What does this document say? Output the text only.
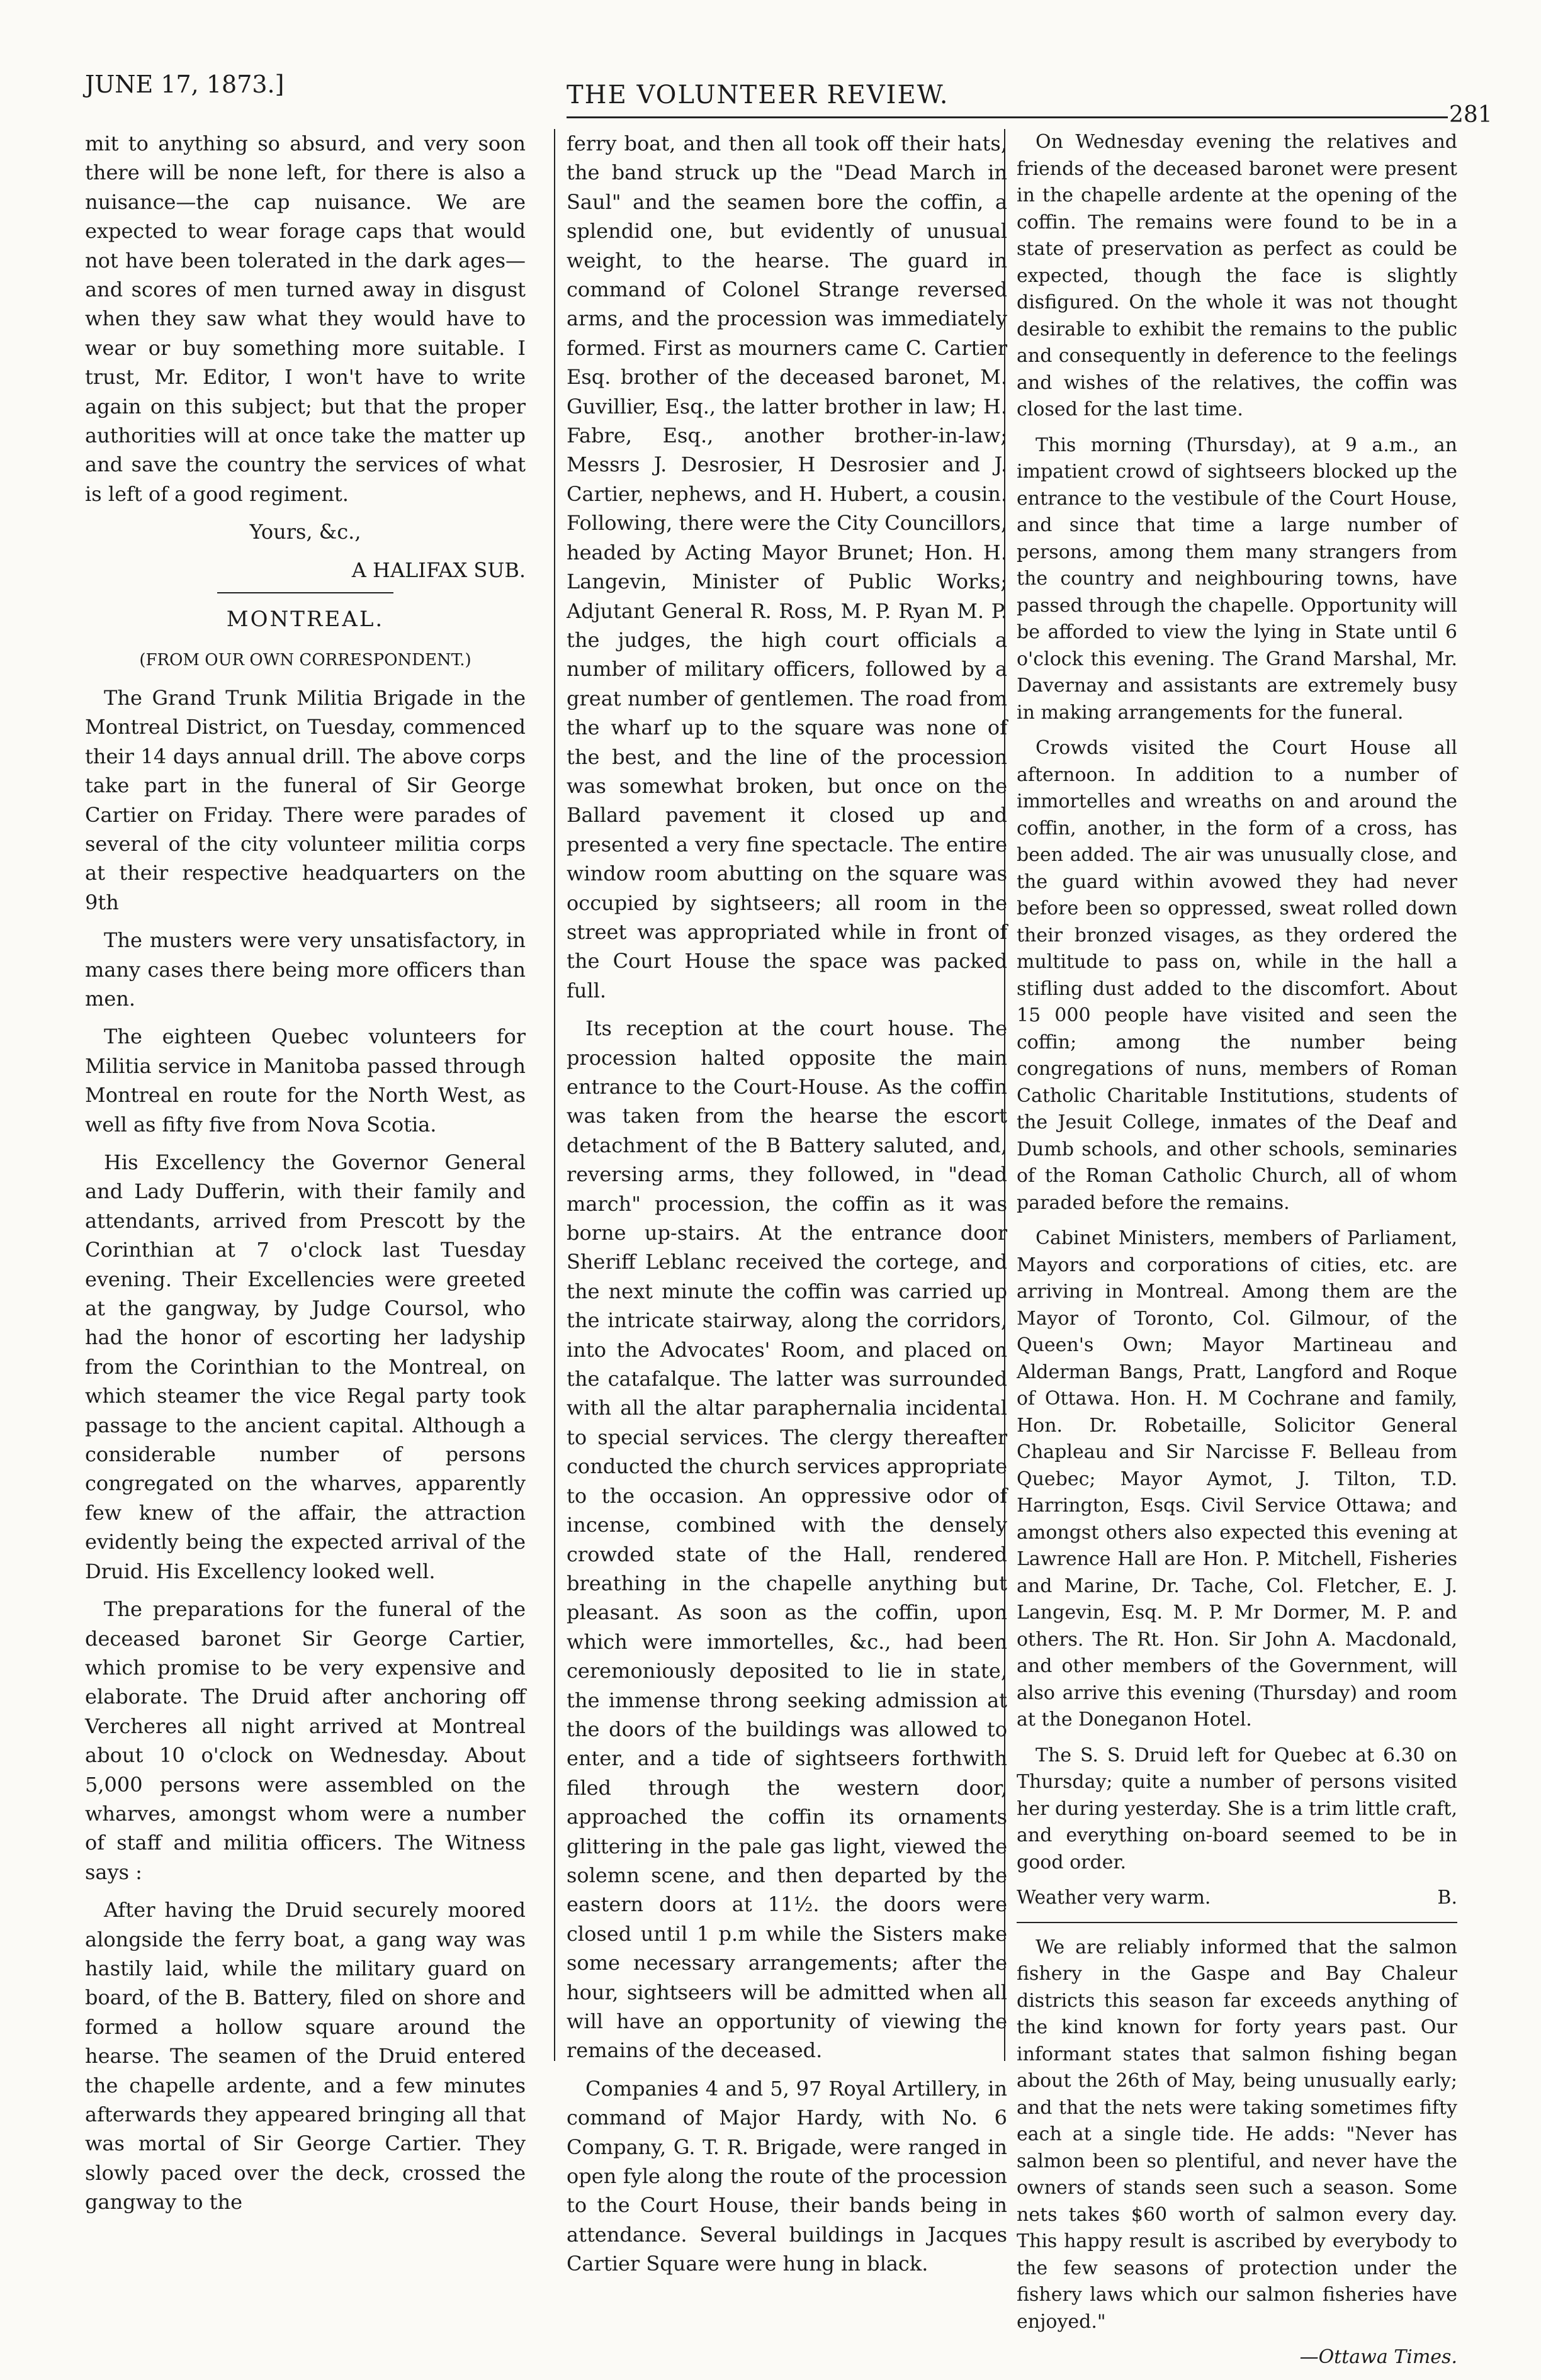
JUNE 17, 1873.]	THE VOLUNTEER REVIEW.
281

mit to anything so absurd, and very soon there will be none left, for there is also a nuisance—the cap nuisance. We are expected to wear forage caps that would not have been tolerated in the dark ages—and scores of men turned away in disgust when they saw what they would have to wear or buy something more suitable. I trust, Mr. Editor, I won't have to write again on this subject; but that the proper authorities will at once take the matter up and save the country the services of what is left of a good regiment.

Yours, &c.,

A HALIFAX SUB.

MONTREAL.

(FROM OUR OWN CORRESPONDENT.)

The Grand Trunk Militia Brigade in the Montreal District, on Tuesday, commenced their 14 days annual drill. The above corps take part in the funeral of Sir George Cartier on Friday. There were parades of several of the city volunteer militia corps at their respective headquarters on the 9th

The musters were very unsatisfactory, in many cases there being more officers than men.

The eighteen Quebec volunteers for Militia service in Manitoba passed through Montreal en route for the North West, as well as fifty five from Nova Scotia.

His Excellency the Governor General and Lady Dufferin, with their family and attendants, arrived from Prescott by the Corinthian at 7 o'clock last Tuesday evening. Their Excellencies were greeted at the gangway, by Judge Coursol, who had the honor of escorting her ladyship from the Corinthian to the Montreal, on which steamer the vice Regal party took passage to the ancient capital. Although a considerable number of persons congregated on the wharves, apparently few knew of the affair, the attraction evidently being the expected arrival of the Druid. His Excellency looked well.

The preparations for the funeral of the deceased baronet Sir George Cartier, which promise to be very expensive and elaborate. The Druid after anchoring off Vercheres all night arrived at Montreal about 10 o'clock on Wednesday. About 5,000 persons were assembled on the wharves, amongst whom were a number of staff and militia officers. The Witness says :

After having the Druid securely moored alongside the ferry boat, a gang way was hastily laid, while the military guard on board, of the B. Battery, filed on shore and formed a hollow square around the hearse. The seamen of the Druid entered the chapelle ardente, and a few minutes afterwards they appeared bringing all that was mortal of Sir George Cartier. They slowly paced over the deck, crossed the gangway to the

ferry boat, and then all took off their hats, the band struck up the "Dead March in Saul" and the seamen bore the coffin, a splendid one, but evidently of unusual weight, to the hearse. The guard in command of Colonel Strange reversed arms, and the procession was immediately formed. First as mourners came C. Cartier Esq. brother of the deceased baronet, M. Guvillier, Esq., the latter brother in law; H. Fabre, Esq., another brother-in-law; Messrs J. Desrosier, H Desrosier and J. Cartier, nephews, and H. Hubert, a cousin. Following, there were the City Councillors, headed by Acting Mayor Brunet; Hon. H. Langevin, Minister of Public Works; Adjutant General R. Ross, M. P. Ryan M. P. the judges, the high court officials a number of military officers, followed by a great number of gentlemen. The road from the wharf up to the square was none of the best, and the line of the procession was somewhat broken, but once on the Ballard pavement it closed up and presented a very fine spectacle. The entire window room abutting on the square was occupied by sightseers; all room in the street was appropriated while in front of the Court House the space was packed full.

Its reception at the court house. The procession halted opposite the main entrance to the Court-House. As the coffin was taken from the hearse the escort detachment of the B Battery saluted, and, reversing arms, they followed, in "dead march" procession, the coffin as it was borne up-stairs. At the entrance door Sheriff Leblanc received the cortege, and the next minute the coffin was carried up the intricate stairway, along the corridors, into the Advocates' Room, and placed on the catafalque. The latter was surrounded with all the altar paraphernalia incidental to special services. The clergy thereafter conducted the church services appropriate to the occasion. An oppressive odor of incense, combined with the densely crowded state of the Hall, rendered breathing in the chapelle anything but pleasant. As soon as the coffin, upon which were immortelles, &c., had been ceremoniously deposited to lie in state, the immense throng seeking admission at the doors of the buildings was allowed to enter, and a tide of sightseers forthwith filed through the western door, approached the coffin its ornaments glittering in the pale gas light, viewed the solemn scene, and then departed by the eastern doors at 11½. the doors were closed until 1 p.m while the Sisters make some necessary arrangements; after the hour, sightseers will be admitted when all will have an opportunity of viewing the remains of the deceased.

Companies 4 and 5, 97 Royal Artillery, in command of Major Hardy, with No. 6 Company, G. T. R. Brigade, were ranged in open fyle along the route of the procession to the Court House, their bands being in attendance. Several buildings in Jacques Cartier Square were hung in black.

On Wednesday evening the relatives and friends of the deceased baronet were present in the chapelle ardente at the opening of the coffin. The remains were found to be in a state of preservation as perfect as could be expected, though the face is slightly disfigured. On the whole it was not thought desirable to exhibit the remains to the public and consequently in deference to the feelings and wishes of the relatives, the coffin was closed for the last time.

This morning (Thursday), at 9 a.m., an impatient crowd of sightseers blocked up the entrance to the vestibule of the Court House, and since that time a large number of persons, among them many strangers from the country and neighbouring towns, have passed through the chapelle. Opportunity will be afforded to view the lying in State until 6 o'clock this evening. The Grand Marshal, Mr. Davernay and assistants are extremely busy in making arrangements for the funeral.

Crowds visited the Court House all afternoon. In addition to a number of immortelles and wreaths on and around the coffin, another, in the form of a cross, has been added. The air was unusually close, and the guard within avowed they had never before been so oppressed, sweat rolled down their bronzed visages, as they ordered the multitude to pass on, while in the hall a stifling dust added to the discomfort. About 15 000 people have visited and seen the coffin; among the number being congregations of nuns, members of Roman Catholic Charitable Institutions, students of the Jesuit College, inmates of the Deaf and Dumb schools, and other schools, seminaries of the Roman Catholic Church, all of whom paraded before the remains.

Cabinet Ministers, members of Parliament, Mayors and corporations of cities, etc. are arriving in Montreal. Among them are the Mayor of Toronto, Col. Gilmour, of the Queen's Own; Mayor Martineau and Alderman Bangs, Pratt, Langford and Roque of Ottawa. Hon. H. M Cochrane and family, Hon. Dr. Robetaille, Solicitor General Chapleau and Sir Narcisse F. Belleau from Quebec; Mayor Aymot, J. Tilton, T.D. Harrington, Esqs. Civil Service Ottawa; and amongst others also expected this evening at Lawrence Hall are Hon. P. Mitchell, Fisheries and Marine, Dr. Tache, Col. Fletcher, E. J. Langevin, Esq. M. P. Mr Dormer, M. P. and others. The Rt. Hon. Sir John A. Macdonald, and other members of the Government, will also arrive this evening (Thursday) and room at the Doneganon Hotel.

The S. S. Druid left for Quebec at 6.30 on Thursday; quite a number of persons visited her during yesterday. She is a trim little craft, and everything on-board seemed to be in good order.

Weather very warm.	B.

We are reliably informed that the salmon fishery in the Gaspe and Bay Chaleur districts this season far exceeds anything of the kind known for forty years past. Our informant states that salmon fishing began about the 26th of May, being unusually early; and that the nets were taking sometimes fifty each at a single tide. He adds: "Never has salmon been so plentiful, and never have the owners of stands seen such a season. Some nets takes $60 worth of salmon every day. This happy result is ascribed by everybody to the few seasons of protection under the fishery laws which our salmon fisheries have enjoyed."

—Ottawa Times.
